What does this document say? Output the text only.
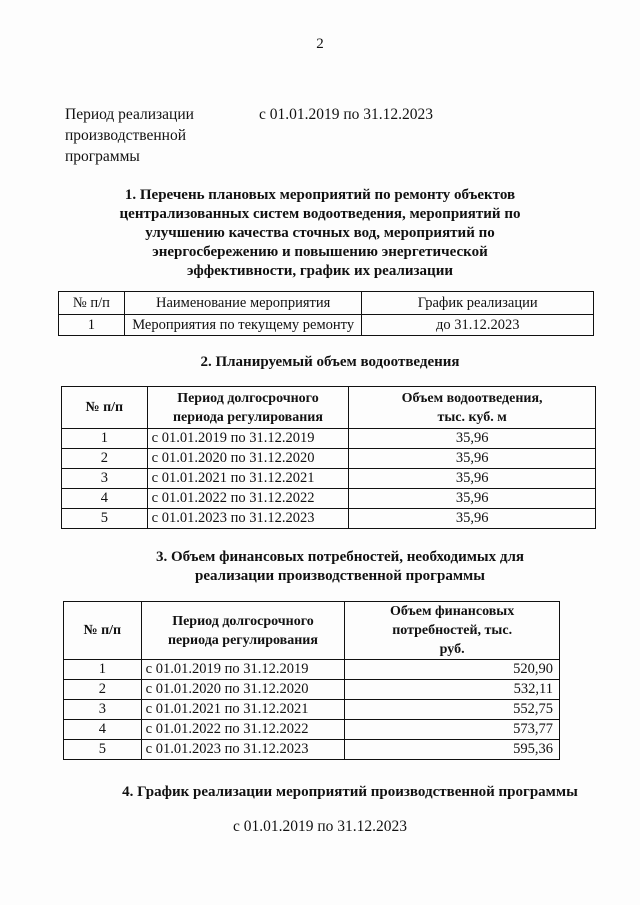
2
Период реализации производственной программы
с 01.01.2019 по 31.12.2023
1. Перечень плановых мероприятий по ремонту объектов централизованных систем водоотведения, мероприятий по улучшению качества сточных вод, мероприятий по энергосбережению и повышению энергетической эффективности, график их реализации
№ п/п	Наименование мероприятия	График реализации
1	Мероприятия по текущему ремонту	до 31.12.2023
2. Планируемый объем водоотведения
№ п/п	Период долгосрочного периода регулирования	Объем водоотведения, тыс. куб. м
1	с 01.01.2019 по 31.12.2019	35,96
2	с 01.01.2020 по 31.12.2020	35,96
3	с 01.01.2021 по 31.12.2021	35,96
4	с 01.01.2022 по 31.12.2022	35,96
5	с 01.01.2023 по 31.12.2023	35,96
3. Объем финансовых потребностей, необходимых для реализации производственной программы
№ п/п	Период долгосрочного периода регулирования	Объем финансовых потребностей, тыс. руб.
1	с 01.01.2019 по 31.12.2019	520,90
2	с 01.01.2020 по 31.12.2020	532,11
3	с 01.01.2021 по 31.12.2021	552,75
4	с 01.01.2022 по 31.12.2022	573,77
5	с 01.01.2023 по 31.12.2023	595,36
4. График реализации мероприятий производственной программы
с 01.01.2019 по 31.12.2023
